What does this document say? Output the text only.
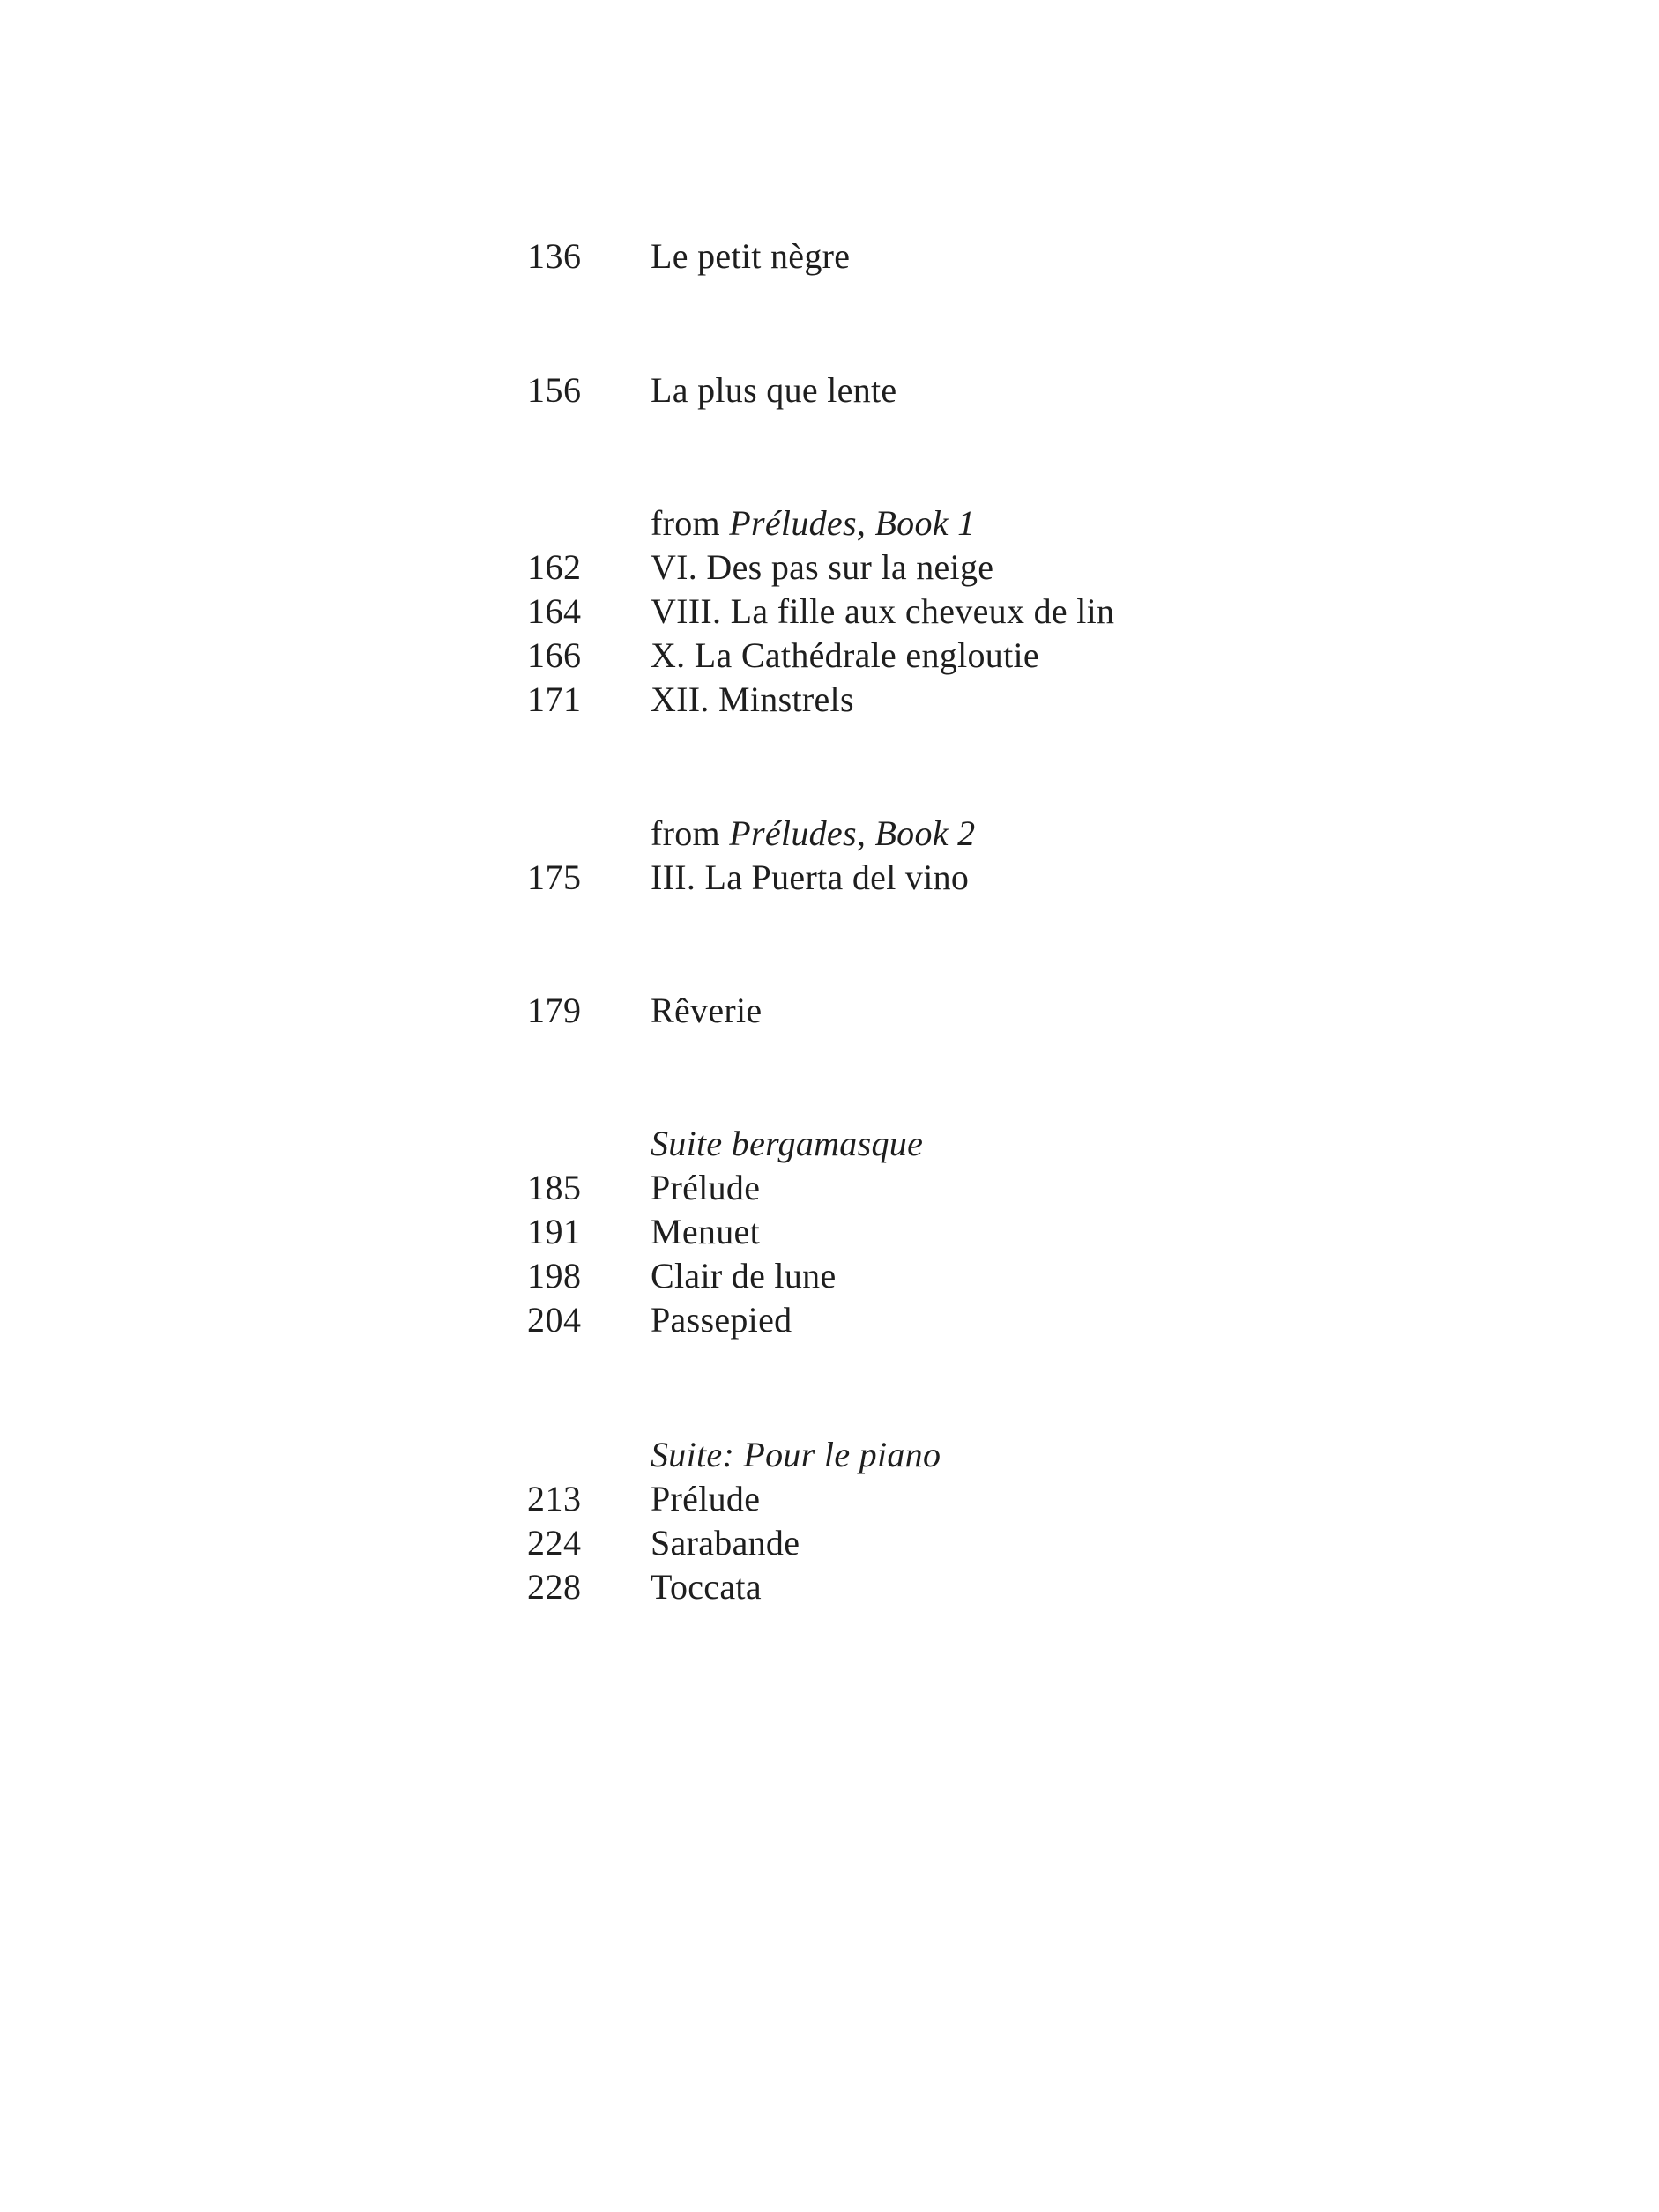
136 Le petit nègre
156 La plus que lente
from Préludes, Book 1
162 VI. Des pas sur la neige
164 VIII. La fille aux cheveux de lin
166 X. La Cathédrale engloutie
171 XII. Minstrels
from Préludes, Book 2
175 III. La Puerta del vino
179 Rêverie
Suite bergamasque
185 Prélude
191 Menuet
198 Clair de lune
204 Passepied
Suite: Pour le piano
213 Prélude
224 Sarabande
228 Toccata
